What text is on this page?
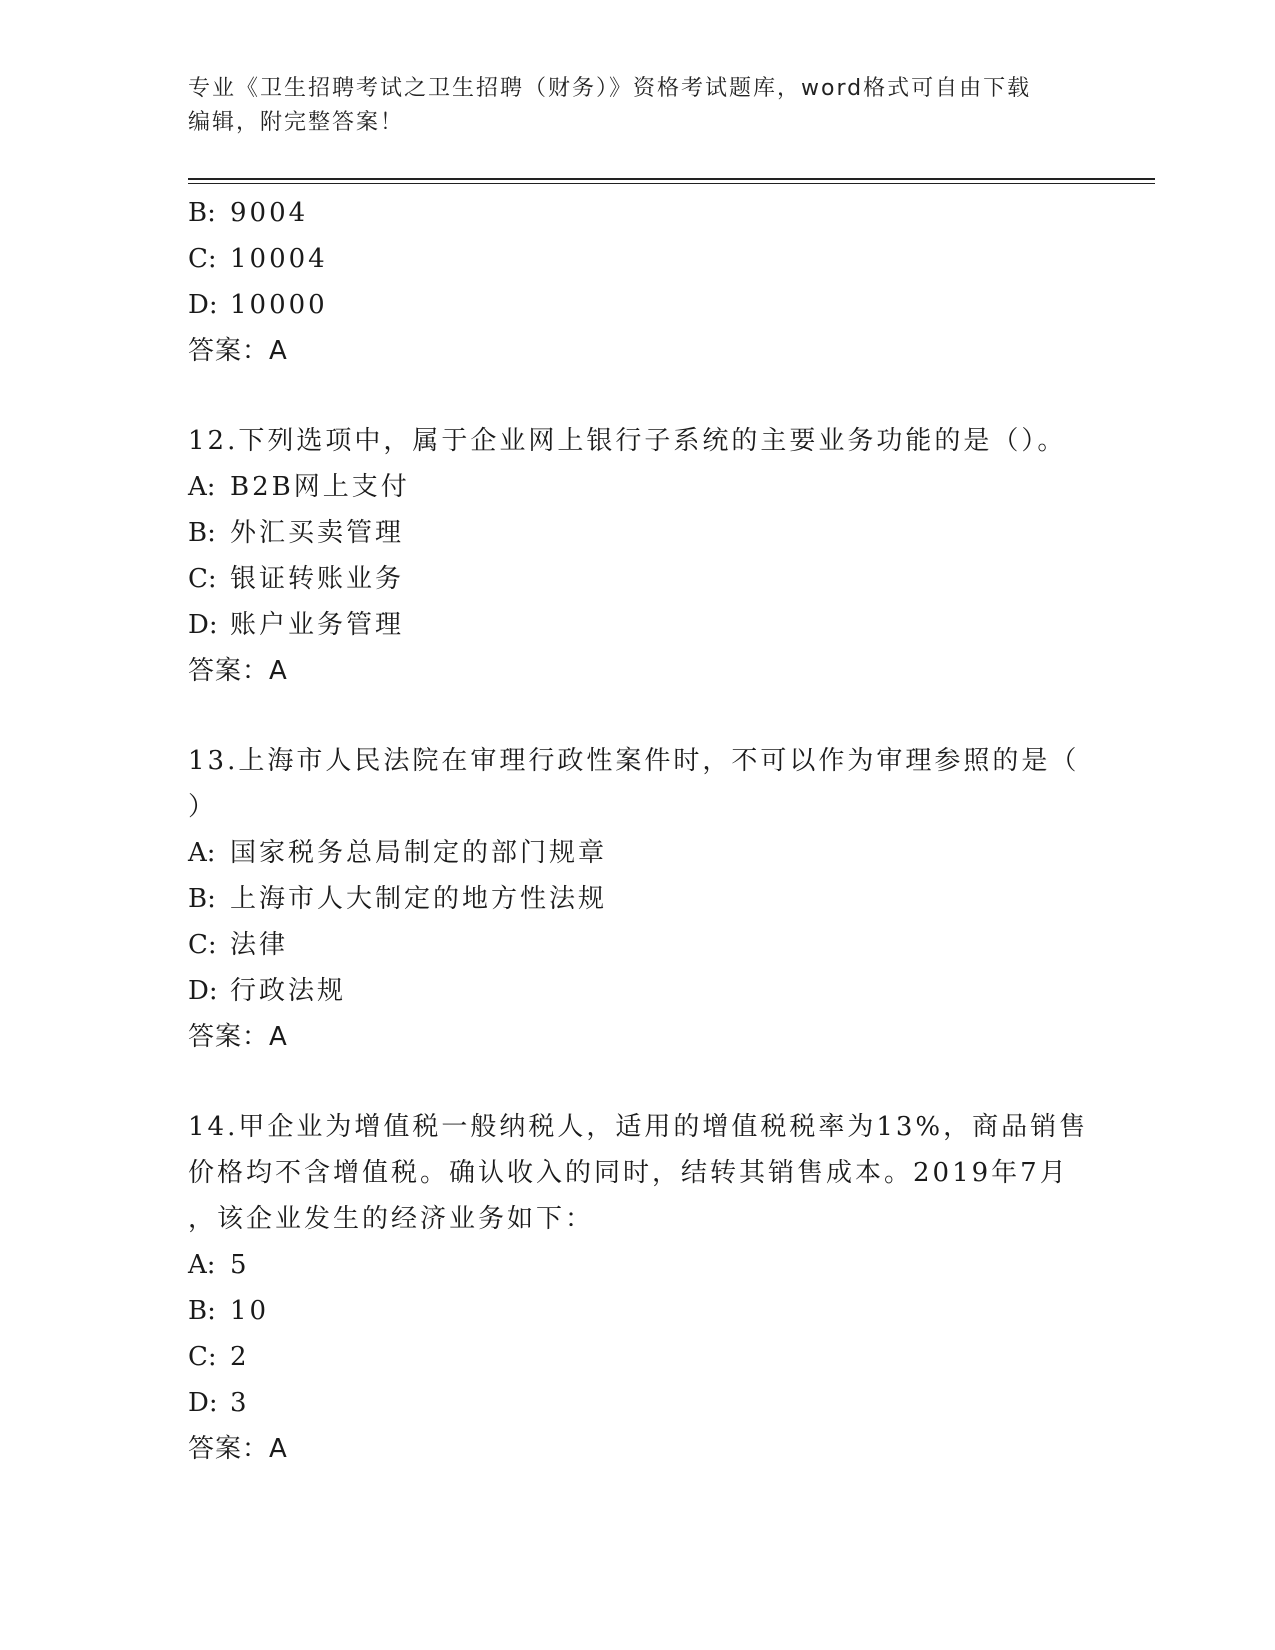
专业《卫生招聘考试之卫生招聘（财务）》资格考试题库，word格式可自由下载
编辑，附完整答案！
B: 9004
C: 10004
D: 10000
答案：A
12.下列选项中，属于企业网上银行子系统的主要业务功能的是（）。
A: B2B网上支付
B: 外汇买卖管理
C: 银证转账业务
D: 账户业务管理
答案：A
13.上海市人民法院在审理行政性案件时，不可以作为审理参照的是（
）
A: 国家税务总局制定的部门规章
B: 上海市人大制定的地方性法规
C: 法律
D: 行政法规
答案：A
14.甲企业为增值税一般纳税人，适用的增值税税率为13%，商品销售
价格均不含增值税。确认收入的同时，结转其销售成本。2019年7月
，该企业发生的经济业务如下：
A: 5
B: 10
C: 2
D: 3
答案：A
